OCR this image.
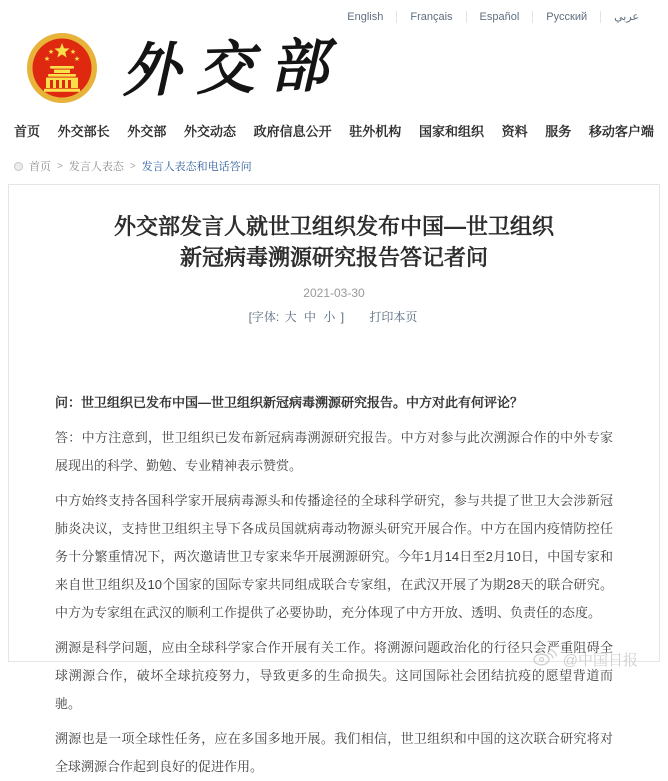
English	Français	Español	Русский	عربي
★ ★
★	★ 外交部
首页 外交部长 外交部 外交动态 政府信息公开 驻外机构 国家和组织 资料 服务 移动客户端
首页 > 发言人表态 > 发言人表态和电话答问
外交部发言人就世卫组织发布中国—世卫组织
新冠病毒溯源研究报告答记者问
2021-03-30
[字体: 大 中 小 ] 打印本页

问：世卫组织已发布中国—世卫组织新冠病毒溯源研究报告。中方对此有何评论？

答：中方注意到，世卫组织已发布新冠病毒溯源研究报告。中方对参与此次溯源合作的中外专家展现出的科学、勤勉、专业精神表示赞赏。

中方始终支持各国科学家开展病毒源头和传播途径的全球科学研究，参与共提了世卫大会涉新冠肺炎决议，支持世卫组织主导下各成员国就病毒动物源头研究开展合作。中方在国内疫情防控任务十分繁重情况下，两次邀请世卫专家来华开展溯源研究。今年1月14日至2月10日，中国专家和来自世卫组织及10个国家的国际专家共同组成联合专家组，在武汉开展了为期28天的联合研究。中方为专家组在武汉的顺利工作提供了必要协助，充分体现了中方开放、透明、负责任的态度。

溯源是科学问题，应由全球科学家合作开展有关工作。将溯源问题政治化的行径只会严重阻碍全球溯源合作，破坏全球抗疫努力，导致更多的生命损失。这同国际社会团结抗疫的愿望背道而驰。

溯源也是一项全球性任务，应在多国多地开展。我们相信，世卫组织和中国的这次联合研究将对全球溯源合作起到良好的促进作用。

@中国日报
